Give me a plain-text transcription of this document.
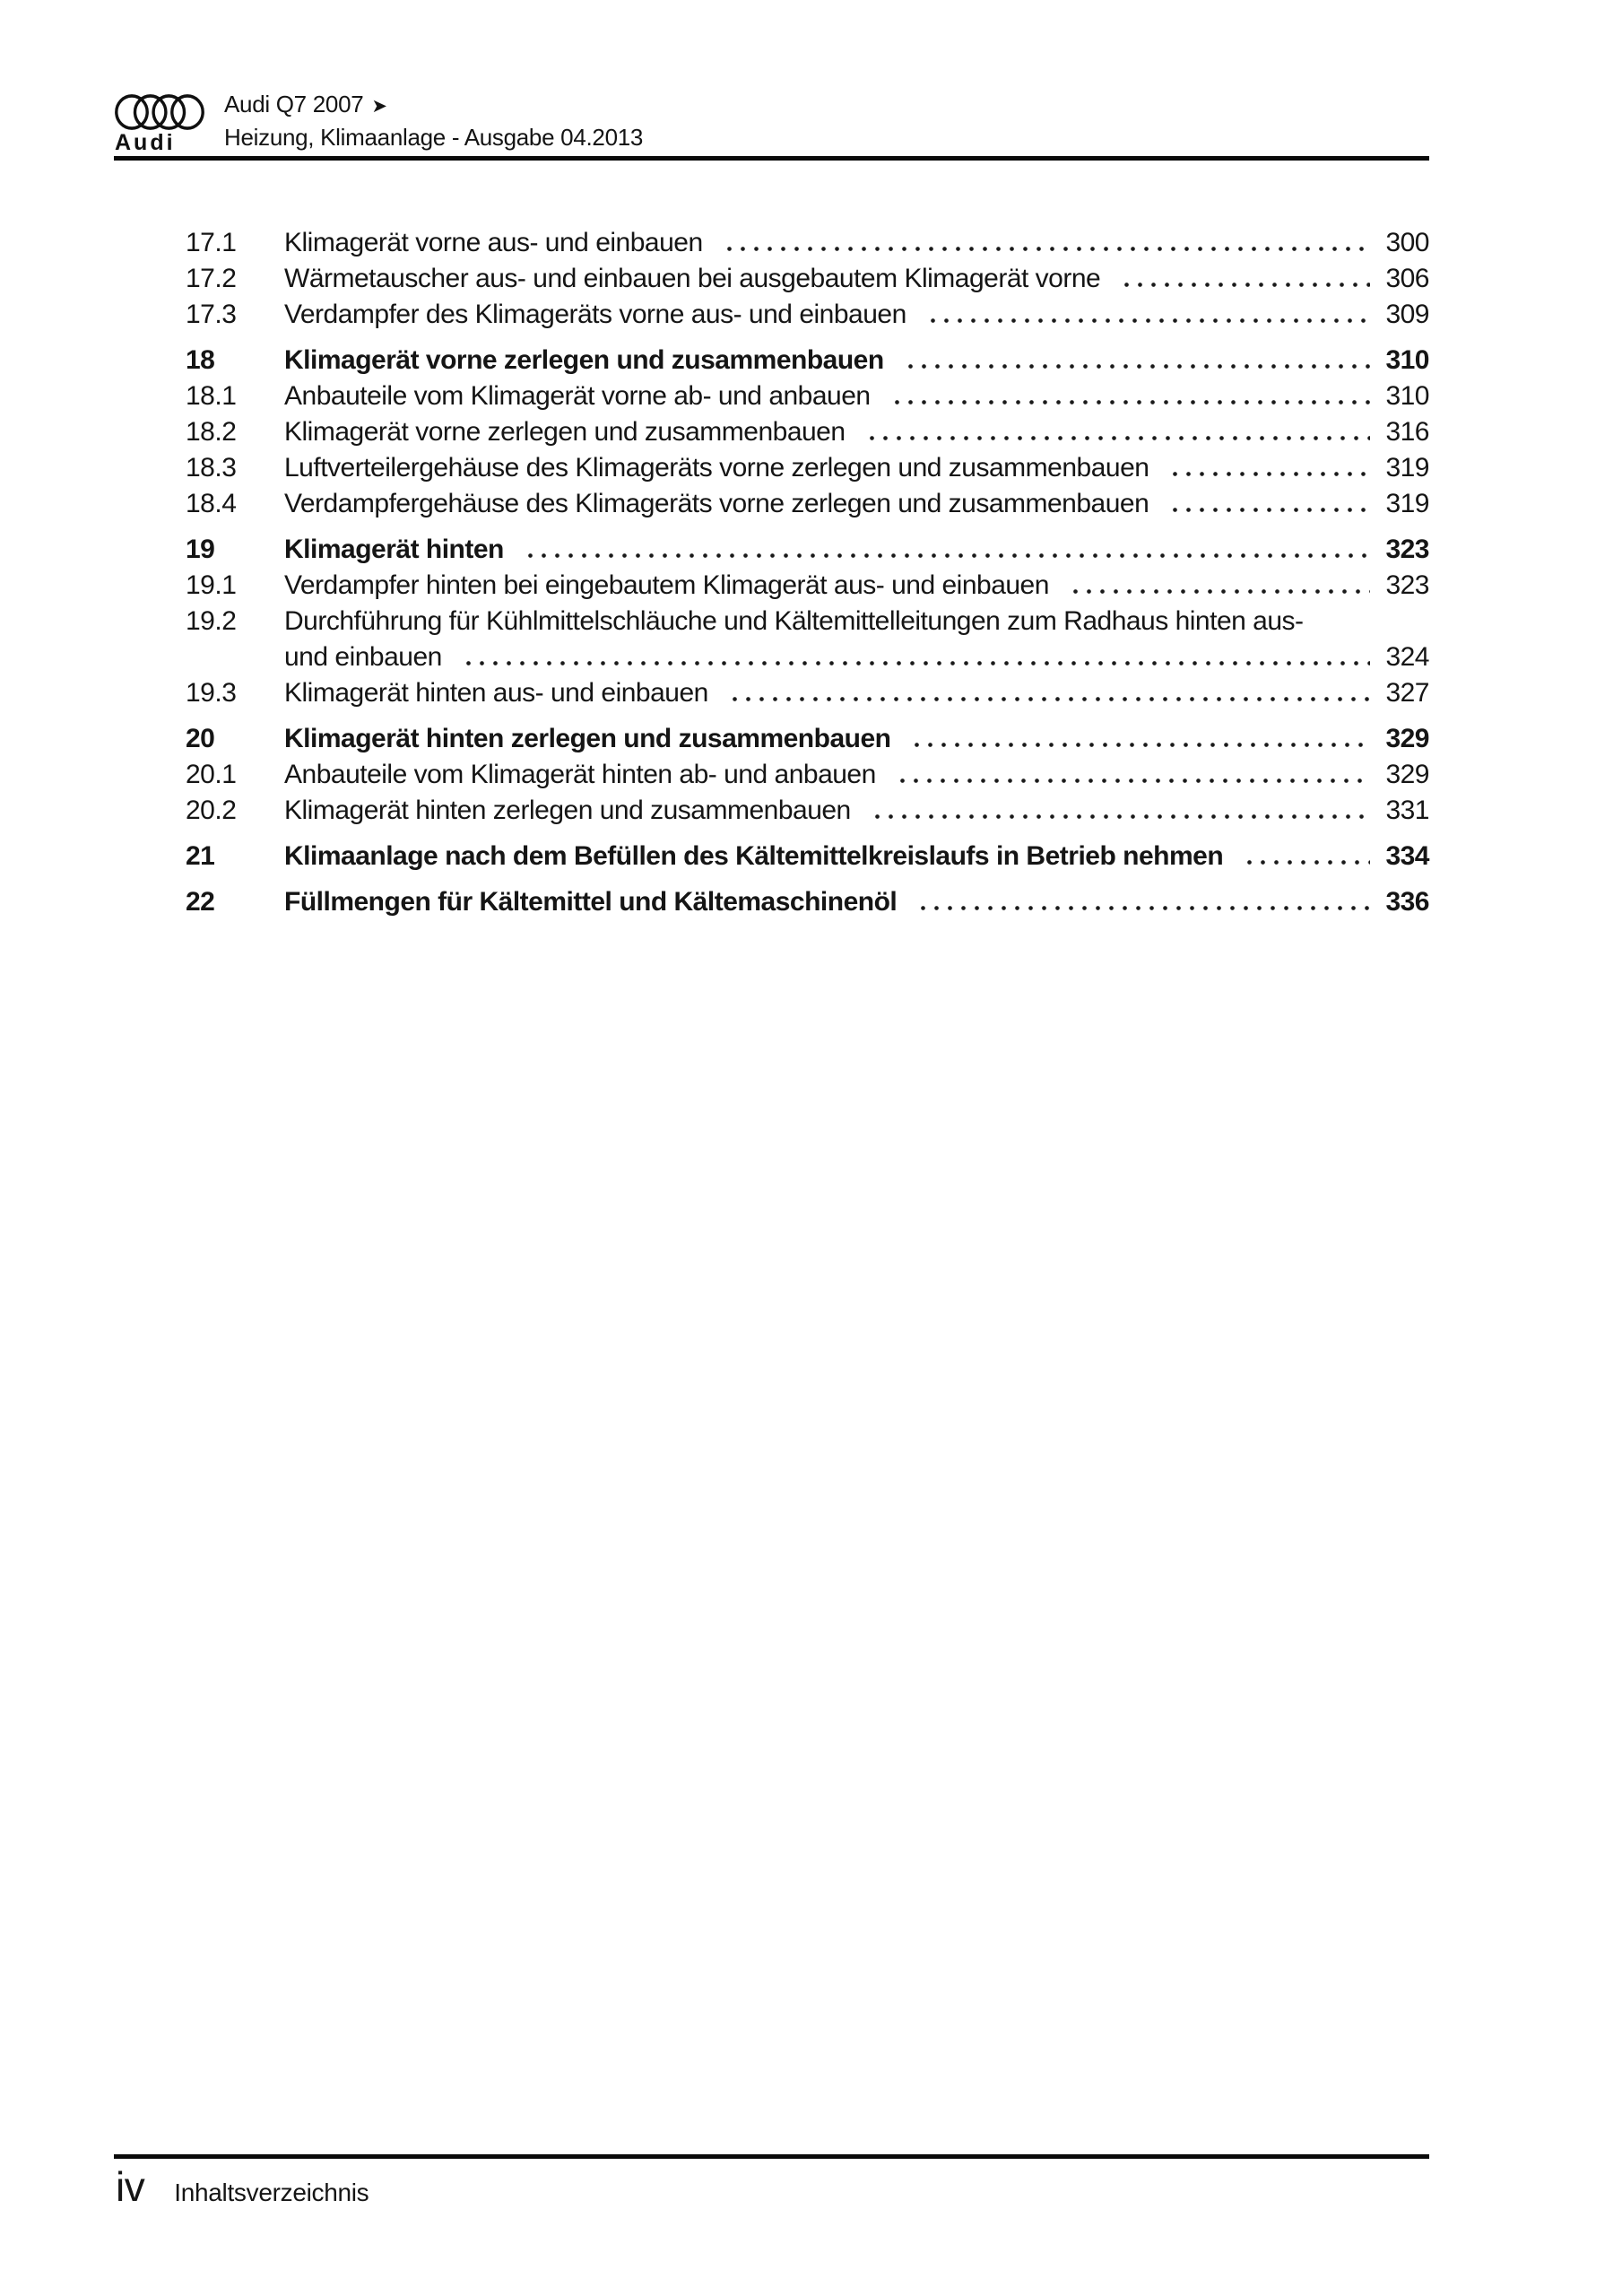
Audi
Audi Q7 2007 ➤
Heizung, Klimaanlage - Ausgabe 04.2013
17.1	Klimagerät vorne aus- und einbauen	300
17.2	Wärmetauscher aus- und einbauen bei ausgebautem Klimagerät vorne	306
17.3	Verdampfer des Klimageräts vorne aus- und einbauen	309
18	Klimagerät vorne zerlegen und zusammenbauen	310
18.1	Anbauteile vom Klimagerät vorne ab- und anbauen	310
18.2	Klimagerät vorne zerlegen und zusammenbauen	316
18.3	Luftverteilergehäuse des Klimageräts vorne zerlegen und zusammenbauen	319
18.4	Verdampfergehäuse des Klimageräts vorne zerlegen und zusammenbauen	319
19	Klimagerät hinten	323
19.1	Verdampfer hinten bei eingebautem Klimagerät aus- und einbauen	323
19.2	Durchführung für Kühlmittelschläuche und Kältemittelleitungen zum Radhaus hinten aus-
und einbauen	324
19.3	Klimagerät hinten aus- und einbauen	327
20	Klimagerät hinten zerlegen und zusammenbauen	329
20.1	Anbauteile vom Klimagerät hinten ab- und anbauen	329
20.2	Klimagerät hinten zerlegen und zusammenbauen	331
21	Klimaanlage nach dem Befüllen des Kältemittelkreislaufs in Betrieb nehmen	334
22	Füllmengen für Kältemittel und Kältemaschinenöl	336
iv Inhaltsverzeichnis
